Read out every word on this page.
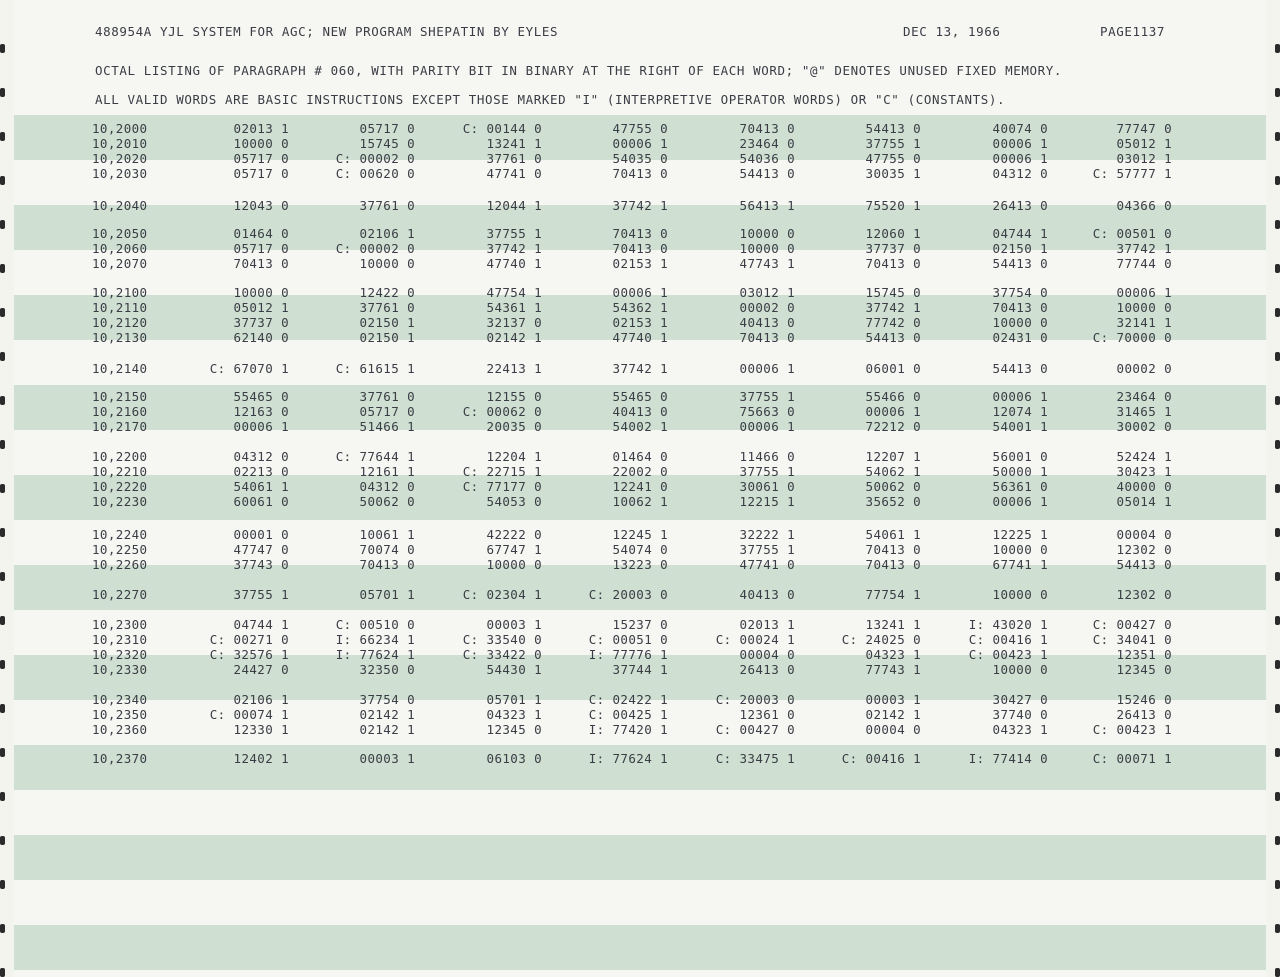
488954A YJL SYSTEM FOR AGC; NEW PROGRAM SHEPATIN BY EYLES	DEC 13, 1966	PAGE1137
OCTAL LISTING OF PARAGRAPH # 060, WITH PARITY BIT IN BINARY AT THE RIGHT OF EACH WORD; "@" DENOTES UNUSED FIXED MEMORY.
ALL VALID WORDS ARE BASIC INSTRUCTIONS EXCEPT THOSE MARKED "I" (INTERPRETIVE OPERATOR WORDS) OR "C" (CONSTANTS).
10,2000	02013 1	05717 0	C: 00144 0	47755 0	70413 0	54413 0	40074 0	77747 0
10,2010	10000 0	15745 0	13241 1	00006 1	23464 0	37755 1	00006 1	05012 1
10,2020	05717 0	C: 00002 0	37761 0	54035 0	54036 0	47755 0	00006 1	03012 1
10,2030	05717 0	C: 00620 0	47741 0	70413 0	54413 0	30035 1	04312 0	C: 57777 1
10,2040	12043 0	37761 0	12044 1	37742 1	56413 1	75520 1	26413 0	04366 0
10,2050	01464 0	02106 1	37755 1	70413 0	10000 0	12060 1	04744 1	C: 00501 0
10,2060	05717 0	C: 00002 0	37742 1	70413 0	10000 0	37737 0	02150 1	37742 1
10,2070	70413 0	10000 0	47740 1	02153 1	47743 1	70413 0	54413 0	77744 0
10,2100	10000 0	12422 0	47754 1	00006 1	03012 1	15745 0	37754 0	00006 1
10,2110	05012 1	37761 0	54361 1	54362 1	00002 0	37742 1	70413 0	10000 0
10,2120	37737 0	02150 1	32137 0	02153 1	40413 0	77742 0	10000 0	32141 1
10,2130	62140 0	02150 1	02142 1	47740 1	70413 0	54413 0	02431 0	C: 70000 0
10,2140	C: 67070 1	C: 61615 1	22413 1	37742 1	00006 1	06001 0	54413 0	00002 0
10,2150	55465 0	37761 0	12155 0	55465 0	37755 1	55466 0	00006 1	23464 0
10,2160	12163 0	05717 0	C: 00062 0	40413 0	75663 0	00006 1	12074 1	31465 1
10,2170	00006 1	51466 1	20035 0	54002 1	00006 1	72212 0	54001 1	30002 0
10,2200	04312 0	C: 77644 1	12204 1	01464 0	11466 0	12207 1	56001 0	52424 1
10,2210	02213 0	12161 1	C: 22715 1	22002 0	37755 1	54062 1	50000 1	30423 1
10,2220	54061 1	04312 0	C: 77177 0	12241 0	30061 0	50062 0	56361 0	40000 0
10,2230	60061 0	50062 0	54053 0	10062 1	12215 1	35652 0	00006 1	05014 1
10,2240	00001 0	10061 1	42222 0	12245 1	32222 1	54061 1	12225 1	00004 0
10,2250	47747 0	70074 0	67747 1	54074 0	37755 1	70413 0	10000 0	12302 0
10,2260	37743 0	70413 0	10000 0	13223 0	47741 0	70413 0	67741 1	54413 0
10,2270	37755 1	05701 1	C: 02304 1	C: 20003 0	40413 0	77754 1	10000 0	12302 0
10,2300	04744 1	C: 00510 0	00003 1	15237 0	02013 1	13241 1	I: 43020 1	C: 00427 0
10,2310	C: 00271 0	I: 66234 1	C: 33540 0	C: 00051 0	C: 00024 1	C: 24025 0	C: 00416 1	C: 34041 0
10,2320	C: 32576 1	I: 77624 1	C: 33422 0	I: 77776 1	00004 0	04323 1	C: 00423 1	12351 0
10,2330	24427 0	32350 0	54430 1	37744 1	26413 0	77743 1	10000 0	12345 0
10,2340	02106 1	37754 0	05701 1	C: 02422 1	C: 20003 0	00003 1	30427 0	15246 0
10,2350	C: 00074 1	02142 1	04323 1	C: 00425 1	12361 0	02142 1	37740 0	26413 0
10,2360	12330 1	02142 1	12345 0	I: 77420 1	C: 00427 0	00004 0	04323 1	C: 00423 1
10,2370	12402 1	00003 1	06103 0	I: 77624 1	C: 33475 1	C: 00416 1	I: 77414 0	C: 00071 1
